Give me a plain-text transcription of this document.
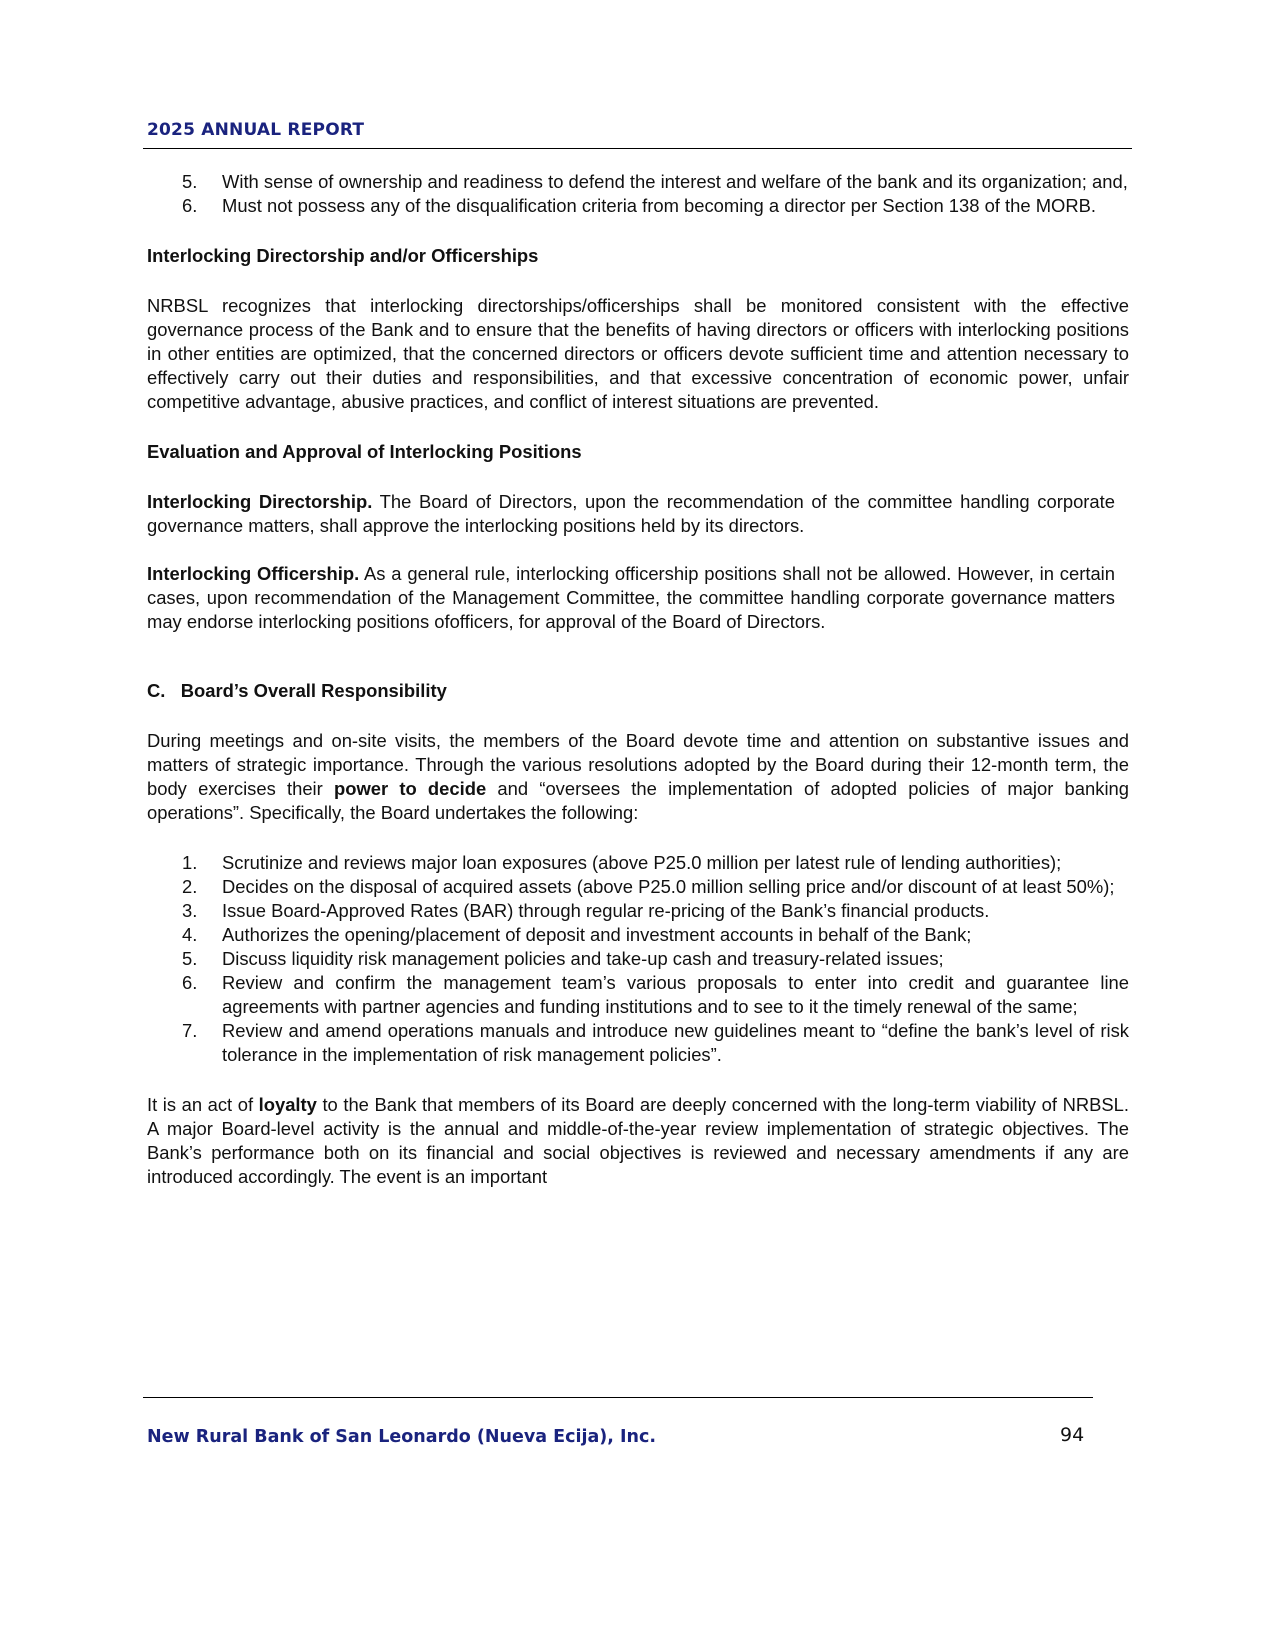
2025 ANNUAL REPORT
5. With sense of ownership and readiness to defend the interest and welfare of the bank and its organization; and,
6. Must not possess any of the disqualification criteria from becoming a director per Section 138 of the MORB.

Interlocking Directorship and/or Officerships

NRBSL recognizes that interlocking directorships/officerships shall be monitored consistent with the effective governance process of the Bank and to ensure that the benefits of having directors or officers with interlocking positions in other entities are optimized, that the concerned directors or officers devote sufficient time and attention necessary to effectively carry out their duties and responsibilities, and that excessive concentration of economic power, unfair competitive advantage, abusive practices, and conflict of interest situations are prevented.

Evaluation and Approval of Interlocking Positions

Interlocking Directorship. The Board of Directors, upon the recommendation of the committee handling corporate governance matters, shall approve the interlocking positions held by its directors.

Interlocking Officership. As a general rule, interlocking officership positions shall not be allowed. However, in certain cases, upon recommendation of the Management Committee, the committee handling corporate governance matters may endorse interlocking positions ofofficers, for approval of the Board of Directors.

C. Board’s Overall Responsibility

During meetings and on-site visits, the members of the Board devote time and attention on substantive issues and matters of strategic importance. Through the various resolutions adopted by the Board during their 12-month term, the body exercises their power to decide and “oversees the implementation of adopted policies of major banking operations”. Specifically, the Board undertakes the following:

1. Scrutinize and reviews major loan exposures (above P25.0 million per latest rule of lending authorities);
2. Decides on the disposal of acquired assets (above P25.0 million selling price and/or discount of at least 50%);
3. Issue Board-Approved Rates (BAR) through regular re-pricing of the Bank’s financial products.
4. Authorizes the opening/placement of deposit and investment accounts in behalf of the Bank;
5. Discuss liquidity risk management policies and take-up cash and treasury-related issues;
6. Review and confirm the management team’s various proposals to enter into credit and guarantee line agreements with partner agencies and funding institutions and to see to it the timely renewal of the same;
7. Review and amend operations manuals and introduce new guidelines meant to “define the bank’s level of risk tolerance in the implementation of risk management policies”.

It is an act of loyalty to the Bank that members of its Board are deeply concerned with the long-term viability of NRBSL. A major Board-level activity is the annual and middle-of-the-year review implementation of strategic objectives. The Bank’s performance both on its financial and social objectives is reviewed and necessary amendments if any are introduced accordingly. The event is an important

New Rural Bank of San Leonardo (Nueva Ecija), Inc.	94
